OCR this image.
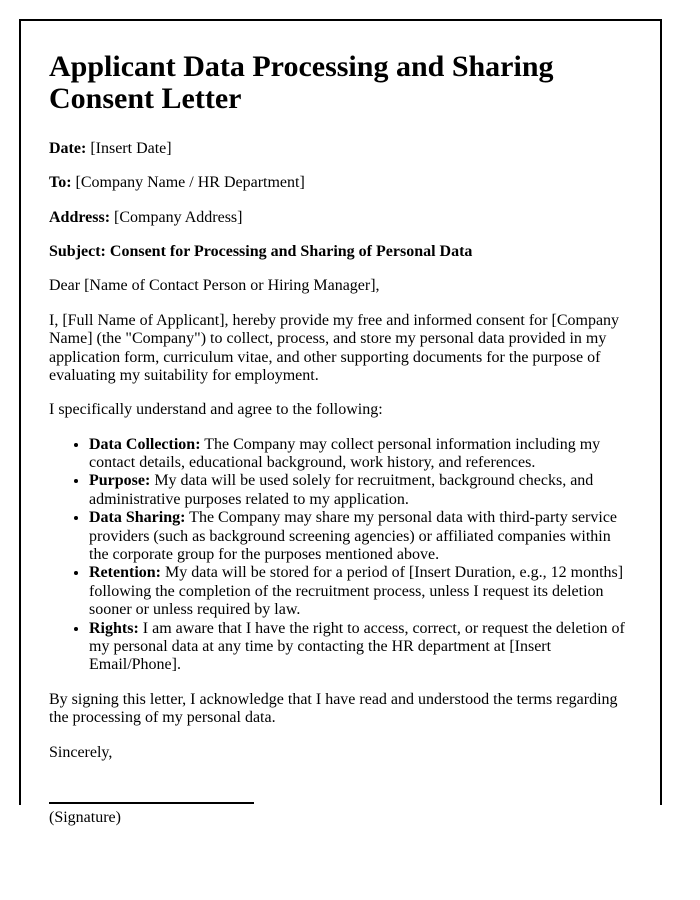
Applicant Data Processing and Sharing Consent Letter

Date: [Insert Date]

To: [Company Name / HR Department]

Address: [Company Address]

Subject: Consent for Processing and Sharing of Personal Data

Dear [Name of Contact Person or Hiring Manager],

I, [Full Name of Applicant], hereby provide my free and informed consent for [Company Name] (the "Company") to collect, process, and store my personal data provided in my application form, curriculum vitae, and other supporting documents for the purpose of evaluating my suitability for employment.

I specifically understand and agree to the following:

• Data Collection: The Company may collect personal information including my contact details, educational background, work history, and references.
• Purpose: My data will be used solely for recruitment, background checks, and administrative purposes related to my application.
• Data Sharing: The Company may share my personal data with third-party service providers (such as background screening agencies) or affiliated companies within the corporate group for the purposes mentioned above.
• Retention: My data will be stored for a period of [Insert Duration, e.g., 12 months] following the completion of the recruitment process, unless I request its deletion sooner or unless required by law.
• Rights: I am aware that I have the right to access, correct, or request the deletion of my personal data at any time by contacting the HR department at [Insert Email/Phone].

By signing this letter, I acknowledge that I have read and understood the terms regarding the processing of my personal data.

Sincerely,

(Signature)
